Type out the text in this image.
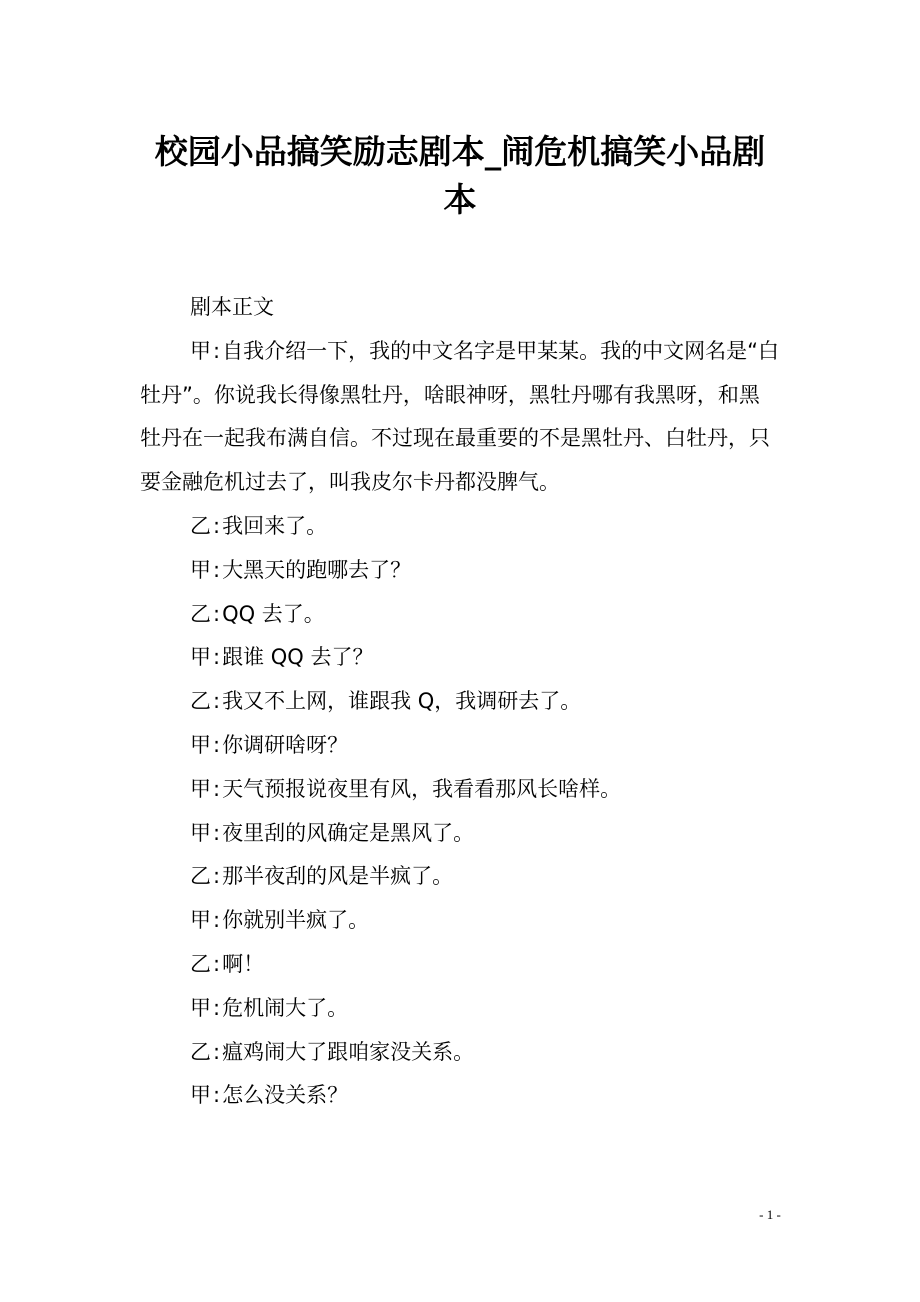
校园小品搞笑励志剧本_闹危机搞笑小品剧本

剧本正文

甲:自我介绍一下，我的中文名字是甲某某。我的中文网名是“白牡丹”。你说我长得像黑牡丹，啥眼神呀，黑牡丹哪有我黑呀，和黑牡丹在一起我布满自信。不过现在最重要的不是黑牡丹、白牡丹，只要金融危机过去了，叫我皮尔卡丹都没脾气。

乙:我回来了。

甲:大黑天的跑哪去了？

乙:QQ 去了。

甲:跟谁 QQ 去了？

乙:我又不上网，谁跟我 Q，我调研去了。

甲:你调研啥呀？

甲:天气预报说夜里有风，我看看那风长啥样。

甲:夜里刮的风确定是黑风了。

乙:那半夜刮的风是半疯了。

甲:你就别半疯了。

乙:啊！

甲:危机闹大了。

乙:瘟鸡闹大了跟咱家没关系。

甲:怎么没关系？

- 1 -
